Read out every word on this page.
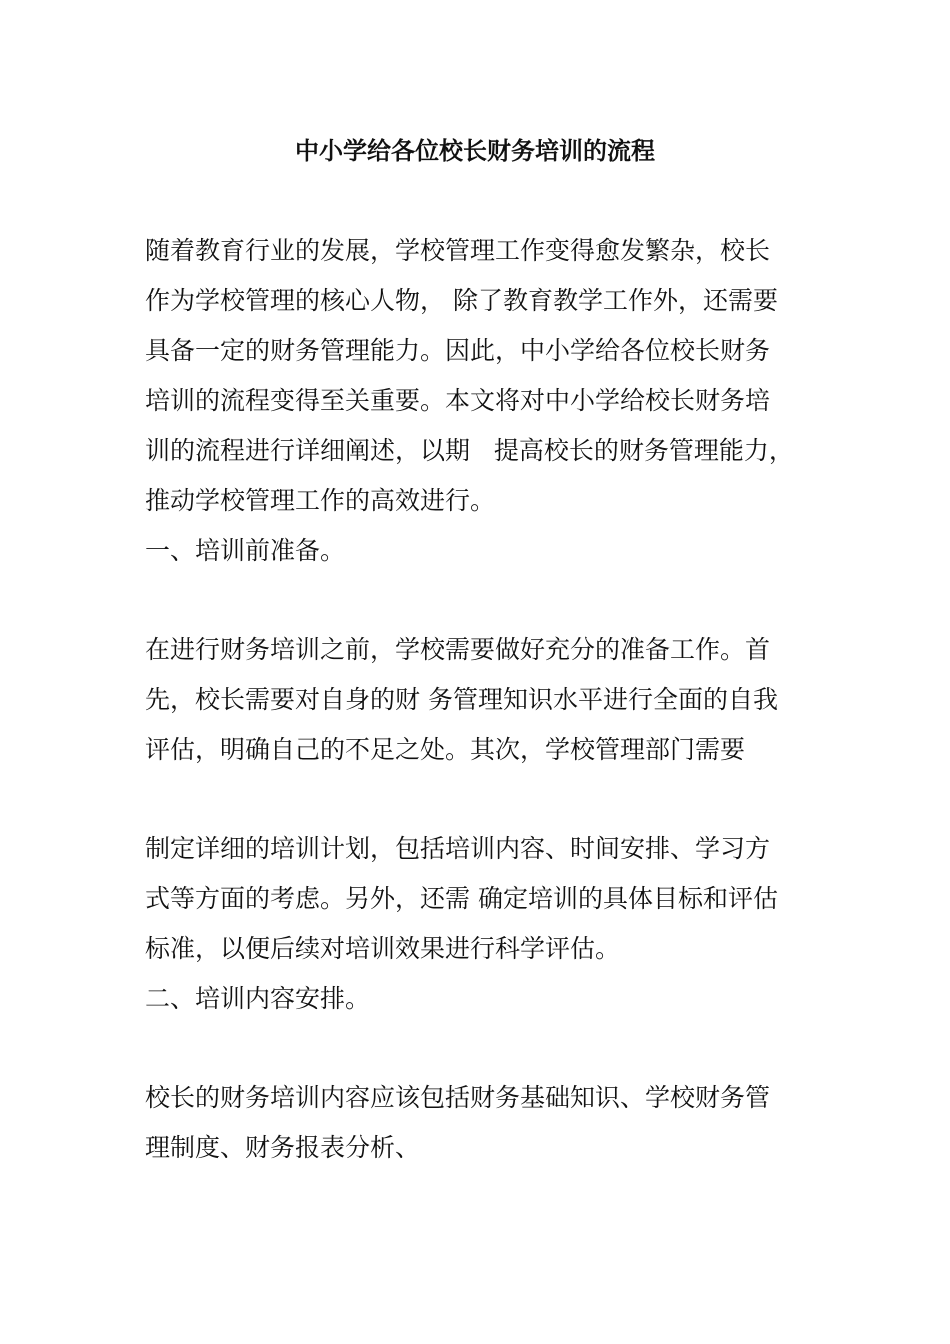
中小学给各位校长财务培训的流程
随着教育行业的发展，学校管理工作变得愈发繁杂，校长
作为学校管理的核心人物， 除了教育教学工作外，还需要
具备一定的财务管理能力。因此，中小学给各位校长财务
培训的流程变得至关重要。本文将对中小学给校长财务培
训的流程进行详细阐述，以期   提高校长的财务管理能力，
推动学校管理工作的高效进行。
一、培训前准备。
在进行财务培训之前，学校需要做好充分的准备工作。首
先，校长需要对自身的财 务管理知识水平进行全面的自我
评估，明确自己的不足之处。其次，学校管理部门需要
制定详细的培训计划，包括培训内容、时间安排、学习方
式等方面的考虑。另外，还需 确定培训的具体目标和评估
标准，以便后续对培训效果进行科学评估。
二、培训内容安排。
校长的财务培训内容应该包括财务基础知识、学校财务管
理制度、财务报表分析、
